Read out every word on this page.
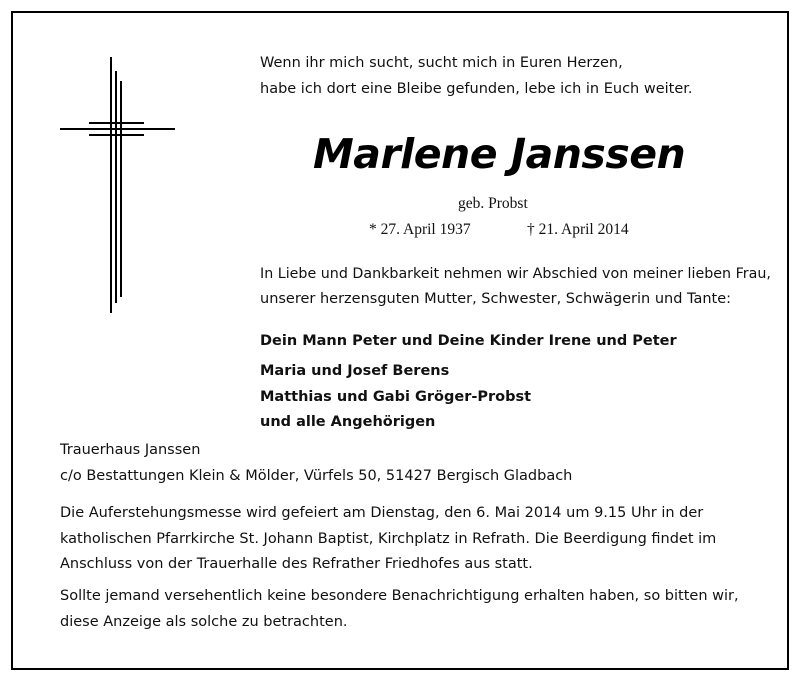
Wenn ihr mich sucht, sucht mich in Euren Herzen,
habe ich dort eine Bleibe gefunden, lebe ich in Euch weiter.
Marlene Janssen
geb. Probst
* 27. April 1937	† 21. April 2014
In Liebe und Dankbarkeit nehmen wir Abschied von meiner lieben Frau,
unserer herzensguten Mutter, Schwester, Schwägerin und Tante:
Dein Mann Peter und Deine Kinder Irene und Peter
Maria und Josef Berens
Matthias und Gabi Gröger-Probst
und alle Angehörigen
Trauerhaus Janssen
c/o Bestattungen Klein & Mölder, Vürfels 50, 51427 Bergisch Gladbach
Die Auferstehungsmesse wird gefeiert am Dienstag, den 6. Mai 2014 um 9.15 Uhr in der
katholischen Pfarrkirche St. Johann Baptist, Kirchplatz in Refrath. Die Beerdigung findet im
Anschluss von der Trauerhalle des Refrather Friedhofes aus statt.
Sollte jemand versehentlich keine besondere Benachrichtigung erhalten haben, so bitten wir,
diese Anzeige als solche zu betrachten.
